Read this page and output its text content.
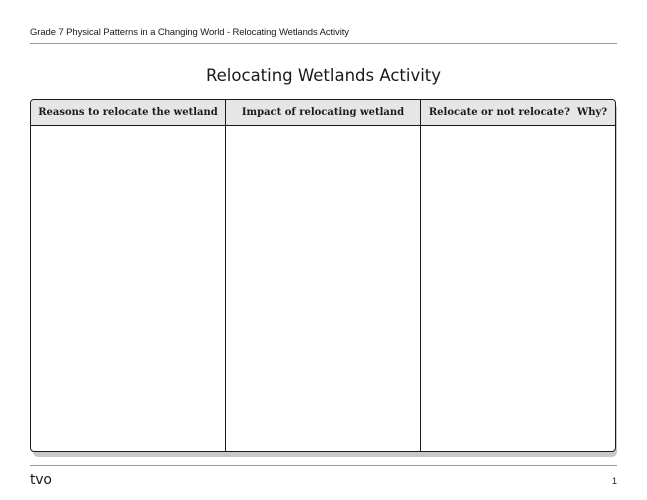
Grade 7 Physical Patterns in a Changing World - Relocating Wetlands Activity
Relocating Wetlands Activity
Reasons to relocate the wetland	Impact of relocating wetland	Relocate or not relocate?  Why?
tvo	1
